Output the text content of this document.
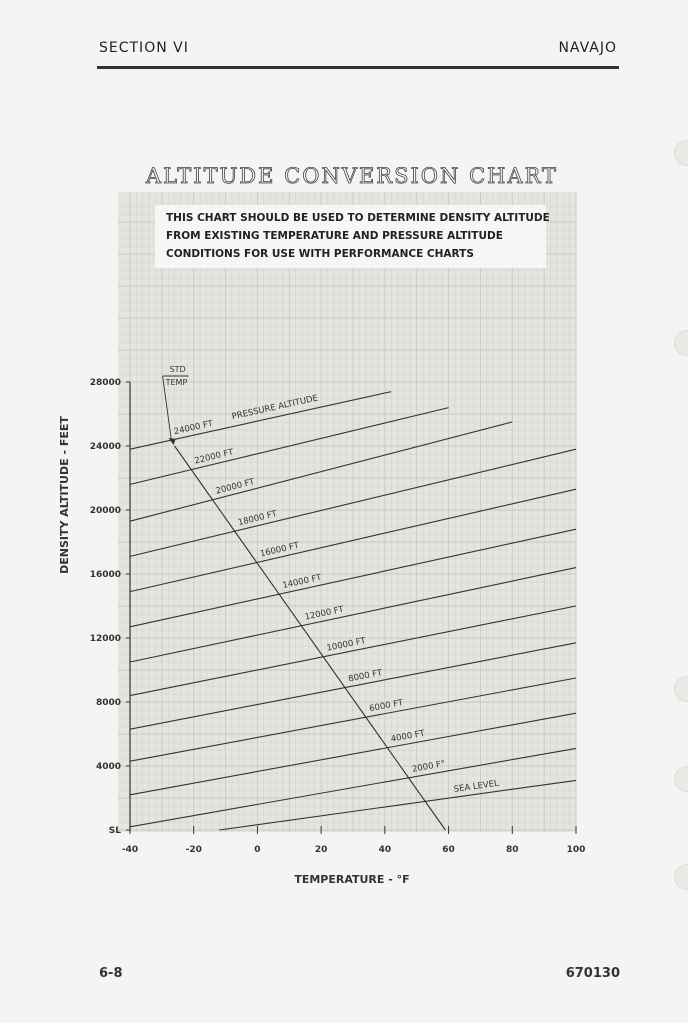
SECTION VI	NAVAJO
ALTITUDE CONVERSION CHART
THIS CHART SHOULD BE USED TO DETERMINE DENSITY ALTITUDE
FROM EXISTING TEMPERATURE AND PRESSURE ALTITUDE
CONDITIONS FOR USE WITH PERFORMANCE CHARTS
SL
4000
8000
12000
16000
20000
24000
28000
-40	-20	0	20	40	60	80	100
STD
TEMP
SEA LEVEL
2000 F°
4000 FT
6000 FT
8000 FT
10000 FT
12000 FT
14000 FT
16000 FT
18000 FT
20000 FT
22000 FT
24000 FT
PRESSURE ALTITUDE
TEMPERATURE - °F
DENSITY ALTITUDE - FEET
6-8	670130
